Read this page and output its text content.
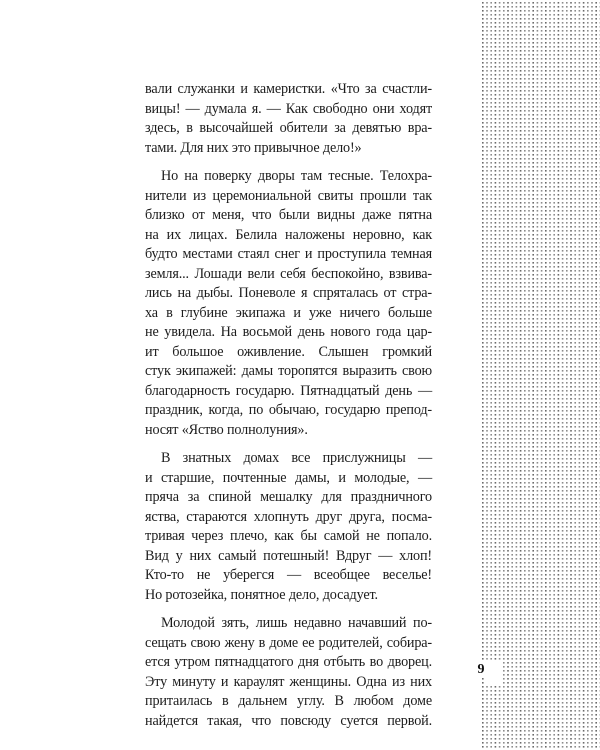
вали служанки и камеристки. «Что за счастли-
вицы! — думала я. — Как свободно они ходят
здесь, в высочайшей обители за девятью вра-
тами. Для них это привычное дело!»
Но на поверку дворы там тесные. Телохра-
нители из церемониальной свиты прошли так
близко от меня, что были видны даже пятна
на их лицах. Белила наложены неровно, как
будто местами стаял снег и проступила темная
земля... Лошади вели себя беспокойно, взвива-
лись на дыбы. Поневоле я спряталась от стра-
ха в глубине экипажа и уже ничего больше
не увидела. На восьмой день нового года цар-
ит большое оживление. Слышен громкий
стук экипажей: дамы торопятся выразить свою
благодарность государю. Пятнадцатый день —
праздник, когда, по обычаю, государю препод-
носят «Яство полнолуния».
В знатных домах все прислужницы —
и старшие, почтенные дамы, и молодые, —
пряча за спиной мешалку для праздничного
яства, стараются хлопнуть друг друга, посма-
тривая через плечо, как бы самой не попало.
Вид у них самый потешный! Вдруг — хлоп!
Кто-то не уберегся — всеобщее веселье!
Но ротозейка, понятное дело, досадует.
Молодой зять, лишь недавно начавший по-
сещать свою жену в доме ее родителей, собира-
ется утром пятнадцатого дня отбыть во дворец.
Эту минуту и караулят женщины. Одна из них
притаилась в дальнем углу. В любом доме
найдется такая, что повсюду суется первой.
9
